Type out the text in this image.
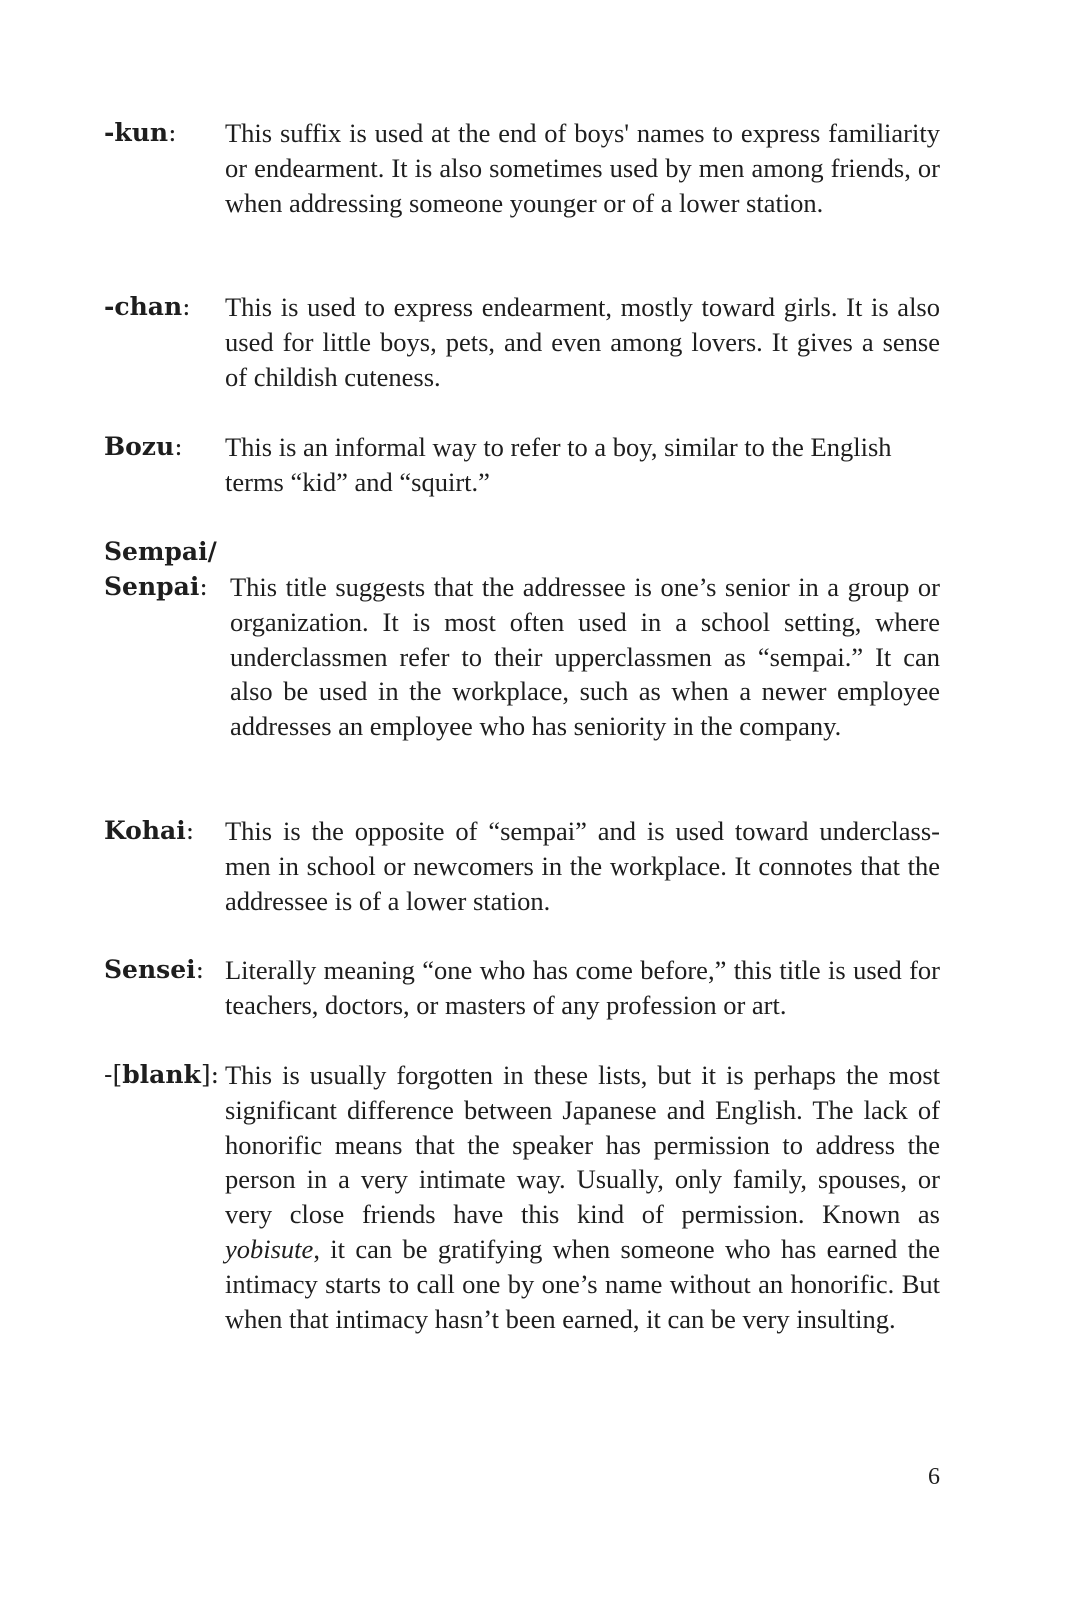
-kun: This suffix is used at the end of boys' names to express familiarity or endearment. It is also sometimes used by men among friends, or when addressing someone younger or of a lower station.

-chan: This is used to express endearment, mostly toward girls. It is also used for little boys, pets, and even among lovers. It gives a sense of childish cuteness.

Bozu: This is an informal way to refer to a boy, similar to the English terms “kid” and “squirt.”

Sempai/
Senpai: This title suggests that the addressee is one’s senior in a group or organization. It is most often used in a school setting, where underclassmen refer to their upperclassmen as “sempai.” It can also be used in the workplace, such as when a newer employee addresses an employee who has seniority in the company.

Kohai: This is the opposite of “sempai” and is used toward underclass-men in school or newcomers in the workplace. It connotes that the addressee is of a lower station.

Sensei: Literally meaning “one who has come before,” this title is used for teachers, doctors, or masters of any profession or art.

-[blank]: This is usually forgotten in these lists, but it is perhaps the most significant difference between Japanese and English. The lack of honorific means that the speaker has permission to address the person in a very intimate way. Usually, only family, spouses, or very close friends have this kind of permission. Known as yobisute, it can be gratifying when someone who has earned the intimacy starts to call one by one’s name without an honorific. But when that intimacy hasn’t been earned, it can be very insulting.

6
